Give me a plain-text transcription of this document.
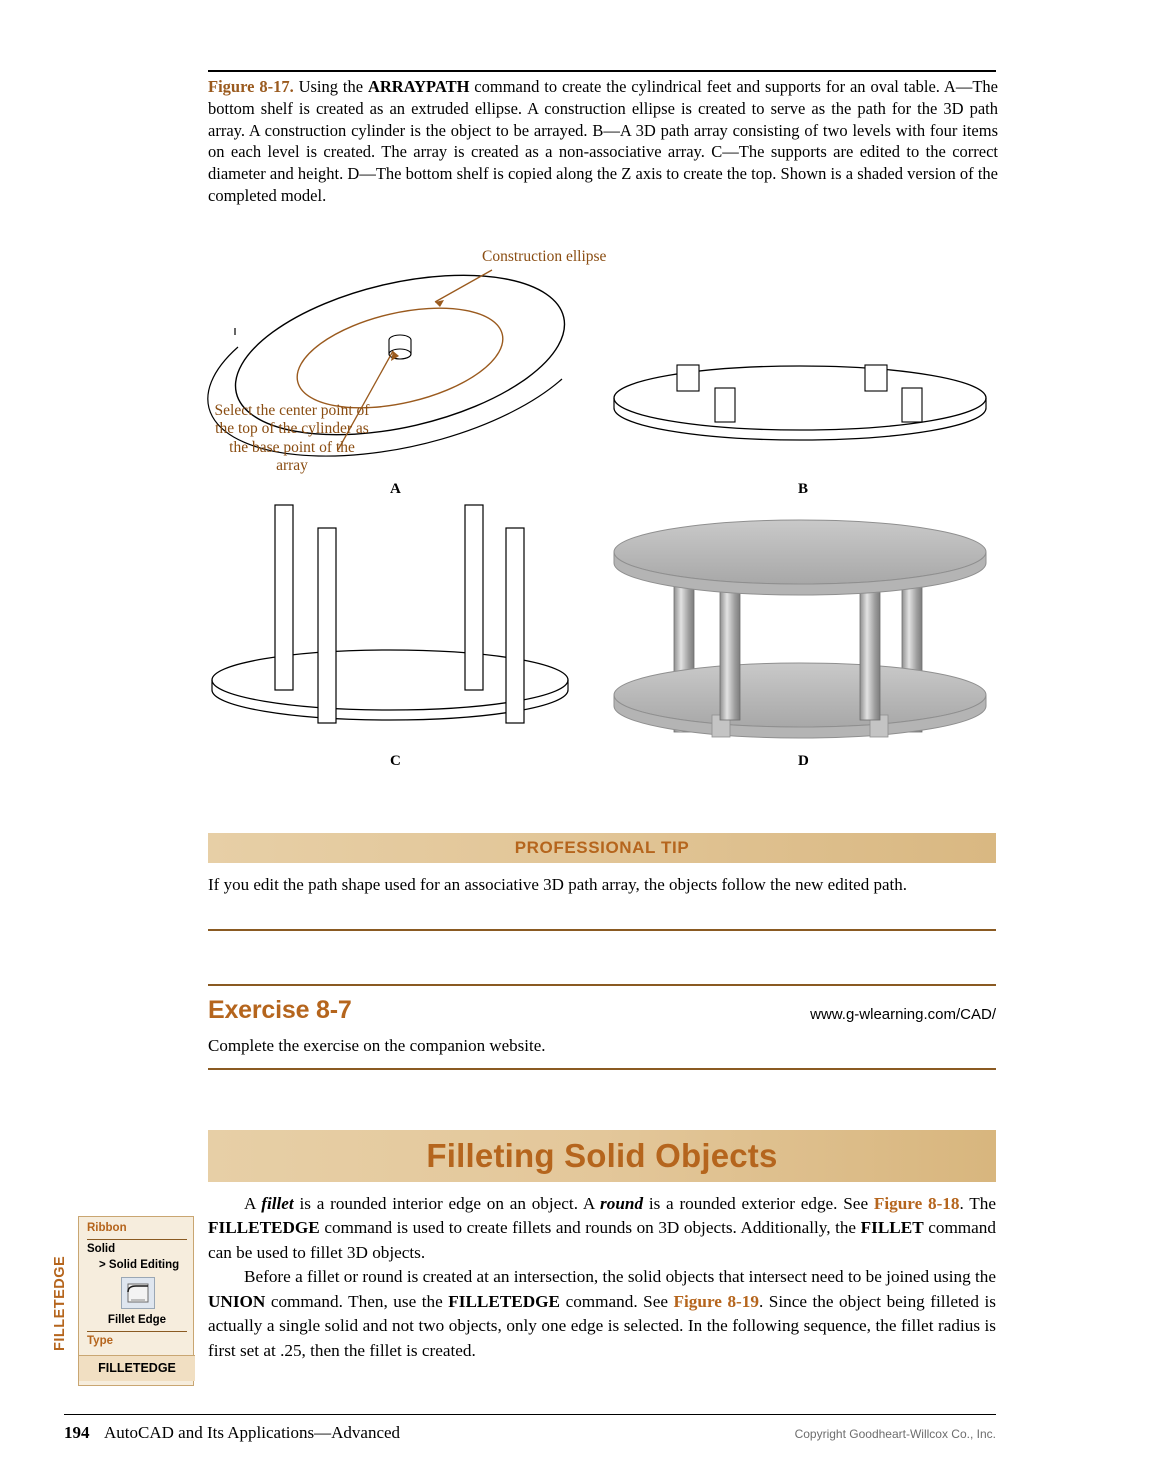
Figure 8-17. Using the ARRAYPATH command to create the cylindrical feet and supports for an oval table. A—The bottom shelf is created as an extruded ellipse. A construction ellipse is created to serve as the path for the 3D path array. A construction cylinder is the object to be arrayed. B—A 3D path array consisting of two levels with four items on each level is created. The array is created as a non-associative array. C—The supports are edited to the correct diameter and height. D—The bottom shelf is copied along the Z axis to create the top. Shown is a shaded version of the completed model.
Construction ellipse
Select the center point of the top of the cylinder as the base point of the array
A	B
C	D
PROFESSIONAL TIP
If you edit the path shape used for an associative 3D path array, the objects follow the new edited path.
Exercise 8-7	www.g-wlearning.com/CAD/
Complete the exercise on the companion website.
Filleting Solid Objects

A fillet is a rounded interior edge on an object. A round is a rounded exterior edge. See Figure 8-18. The FILLETEDGE command is used to create fillets and rounds on 3D objects. Additionally, the FILLET command can be used to fillet 3D objects.

Before a fillet or round is created at an intersection, the solid objects that intersect need to be joined using the UNION command. Then, use the FILLETEDGE command. See Figure 8-19. Since the object being filleted is actually a single solid and not two objects, only one edge is selected. In the following sequence, the fillet radius is first set at .25, then the fillet is created.

FILLETEDGE
Ribbon
Solid
> Solid Editing
Fillet Edge
Type
FILLETEDGE
194 AutoCAD and Its Applications—Advanced	Copyright Goodheart-Willcox Co., Inc.
